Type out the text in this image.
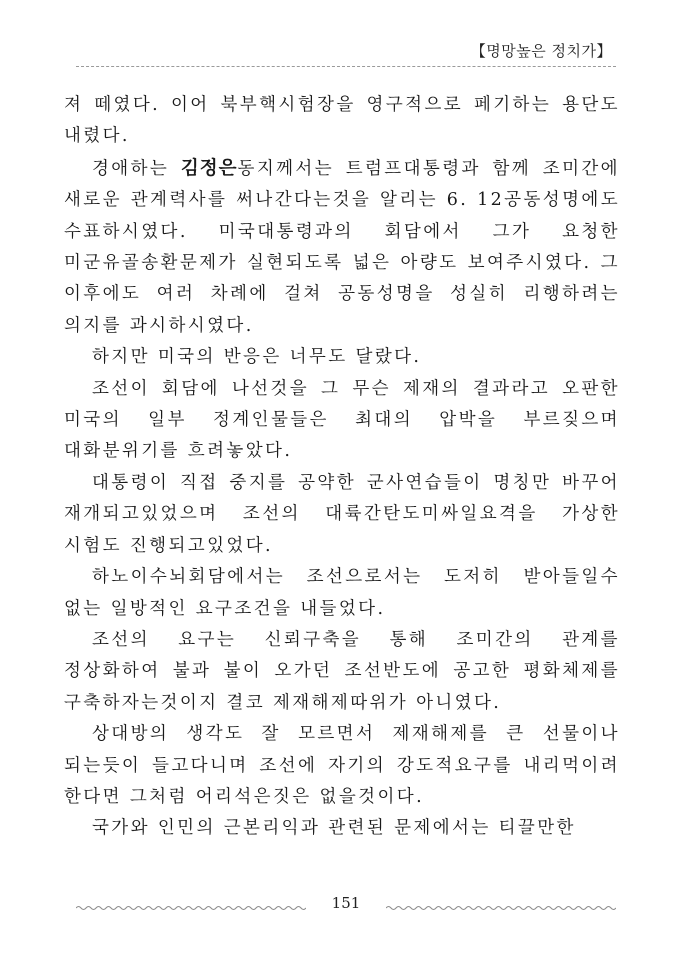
【명망높은 정치가】

져 떼였다. 이어 북부핵시험장을 영구적으로 페기하는 용단도 내렸다.

경애하는 김정은동지께서는 트럼프대통령과 함께 조미간에 새로운 관계력사를 써나간다는것을 알리는 6. 12공동성명에도 수표하시였다. 미국대통령과의 회담에서 그가 요청한 미군유골송환문제가 실현되도록 넓은 아량도 보여주시였다. 그 이후에도 여러 차례에 걸쳐 공동성명을 성실히 리행하려는 의지를 과시하시였다.

하지만 미국의 반응은 너무도 달랐다.

조선이 회담에 나선것을 그 무슨 제재의 결과라고 오판한 미국의 일부 정계인물들은 최대의 압박을 부르짖으며 대화분위기를 흐려놓았다.

대통령이 직접 중지를 공약한 군사연습들이 명칭만 바꾸어 재개되고있었으며 조선의 대륙간탄도미싸일요격을 가상한 시험도 진행되고있었다.

하노이수뇌회담에서는 조선으로서는 도저히 받아들일수 없는 일방적인 요구조건을 내들었다.

조선의 요구는 신뢰구축을 통해 조미간의 관계를 정상화하여 불과 불이 오가던 조선반도에 공고한 평화체제를 구축하자는것이지 결코 제재해제따위가 아니였다.

상대방의 생각도 잘 모르면서 제재해제를 큰 선물이나 되는듯이 들고다니며 조선에 자기의 강도적요구를 내리먹이려 한다면 그처럼 어리석은짓은 없을것이다.

국가와 인민의 근본리익과 관련된 문제에서는 티끌만한

151
